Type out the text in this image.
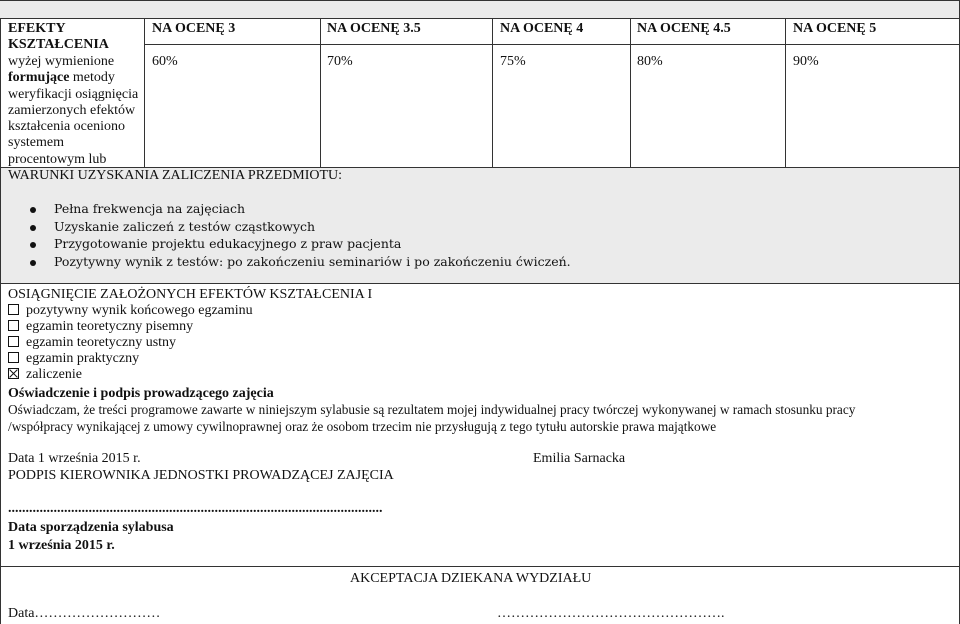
EFEKTY KSZTAŁCENIA
wyżej wymienione
formujące metody weryfikacji osiągnięcia zamierzonych efektów kształcenia oceniono systemem procentowym lub
NA OCENĘ 3	NA OCENĘ 3.5	NA OCENĘ 4	NA OCENĘ 4.5	NA OCENĘ 5
60%	70%	75%	80%	90%
WARUNKI UZYSKANIA ZALICZENIA PRZEDMIOTU:
Pełna frekwencja na zajęciach
Uzyskanie zaliczeń z testów cząstkowych
Przygotowanie projektu edukacyjnego z praw pacjenta
Pozytywny wynik z testów: po zakończeniu seminariów i po zakończeniu ćwiczeń.
OSIĄGNIĘCIE ZAŁOŻONYCH EFEKTÓW KSZTAŁCENIA I
pozytywny wynik końcowego egzaminu
egzamin teoretyczny pisemny
egzamin teoretyczny ustny
egzamin praktyczny
zaliczenie
Oświadczenie i podpis prowadzącego zajęcia
Oświadczam, że treści programowe zawarte w niniejszym sylabusie są rezultatem mojej indywidualnej pracy twórczej wykonywanej w ramach stosunku pracy
/współpracy wynikającej z umowy cywilnoprawnej oraz że osobom trzecim nie przysługują z tego tytułu autorskie prawa majątkowe
Data 1 września 2015 r.	Emilia Sarnacka
PODPIS KIEROWNIKA JEDNOSTKI PROWADZĄCEJ ZAJĘCIA
...........................................................................................................
Data sporządzenia sylabusa
1 września 2015 r.
AKCEPTACJA DZIEKANA WYDZIAŁU
Data………………………	………………………………………….
